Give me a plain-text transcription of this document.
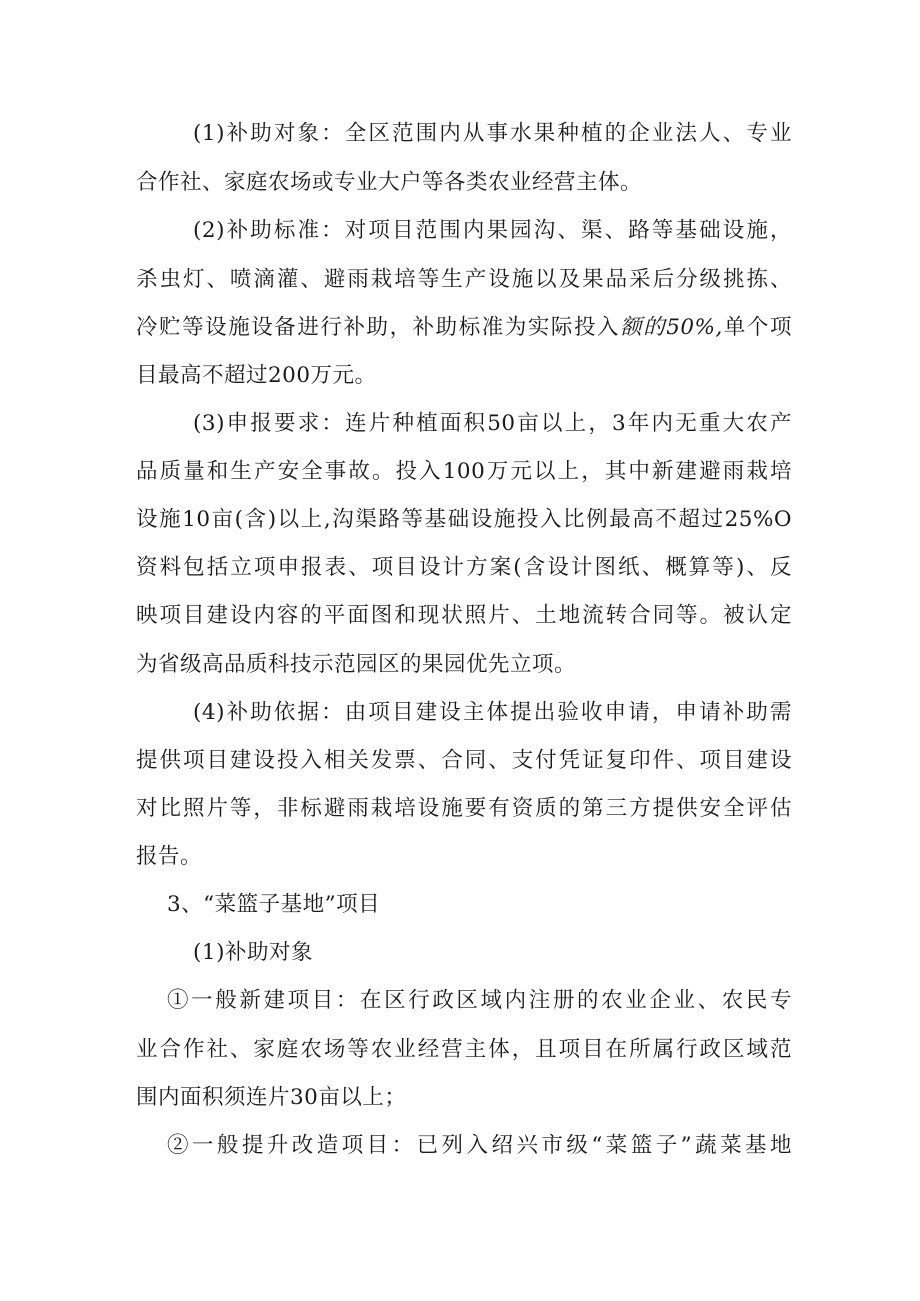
(1)补助对象：全区范围内从事水果种植的企业法人、专业
合作社、家庭农场或专业大户等各类农业经营主体。
(2)补助标准：对项目范围内果园沟、渠、路等基础设施，
杀虫灯、喷滴灌、避雨栽培等生产设施以及果品采后分级挑拣、
冷贮等设施设备进行补助，补助标准为实际投入额的50%,单个项
目最高不超过200万元。
(3)申报要求：连片种植面积50亩以上，3年内无重大农产
品质量和生产安全事故。投入100万元以上，其中新建避雨栽培
设施10亩(含)以上,沟渠路等基础设施投入比例最高不超过25%O
资料包括立项申报表、项目设计方案(含设计图纸、概算等)、反
映项目建设内容的平面图和现状照片、土地流转合同等。被认定
为省级高品质科技示范园区的果园优先立项。
(4)补助依据：由项目建设主体提出验收申请，申请补助需
提供项目建设投入相关发票、合同、支付凭证复印件、项目建设
对比照片等，非标避雨栽培设施要有资质的第三方提供安全评估
报告。
3、“菜篮子基地”项目
(1)补助对象
①一般新建项目：在区行政区域内注册的农业企业、农民专
业合作社、家庭农场等农业经营主体，且项目在所属行政区域范
围内面积须连片30亩以上；
②一般提升改造项目：已列入绍兴市级“菜篮子”蔬菜基地
